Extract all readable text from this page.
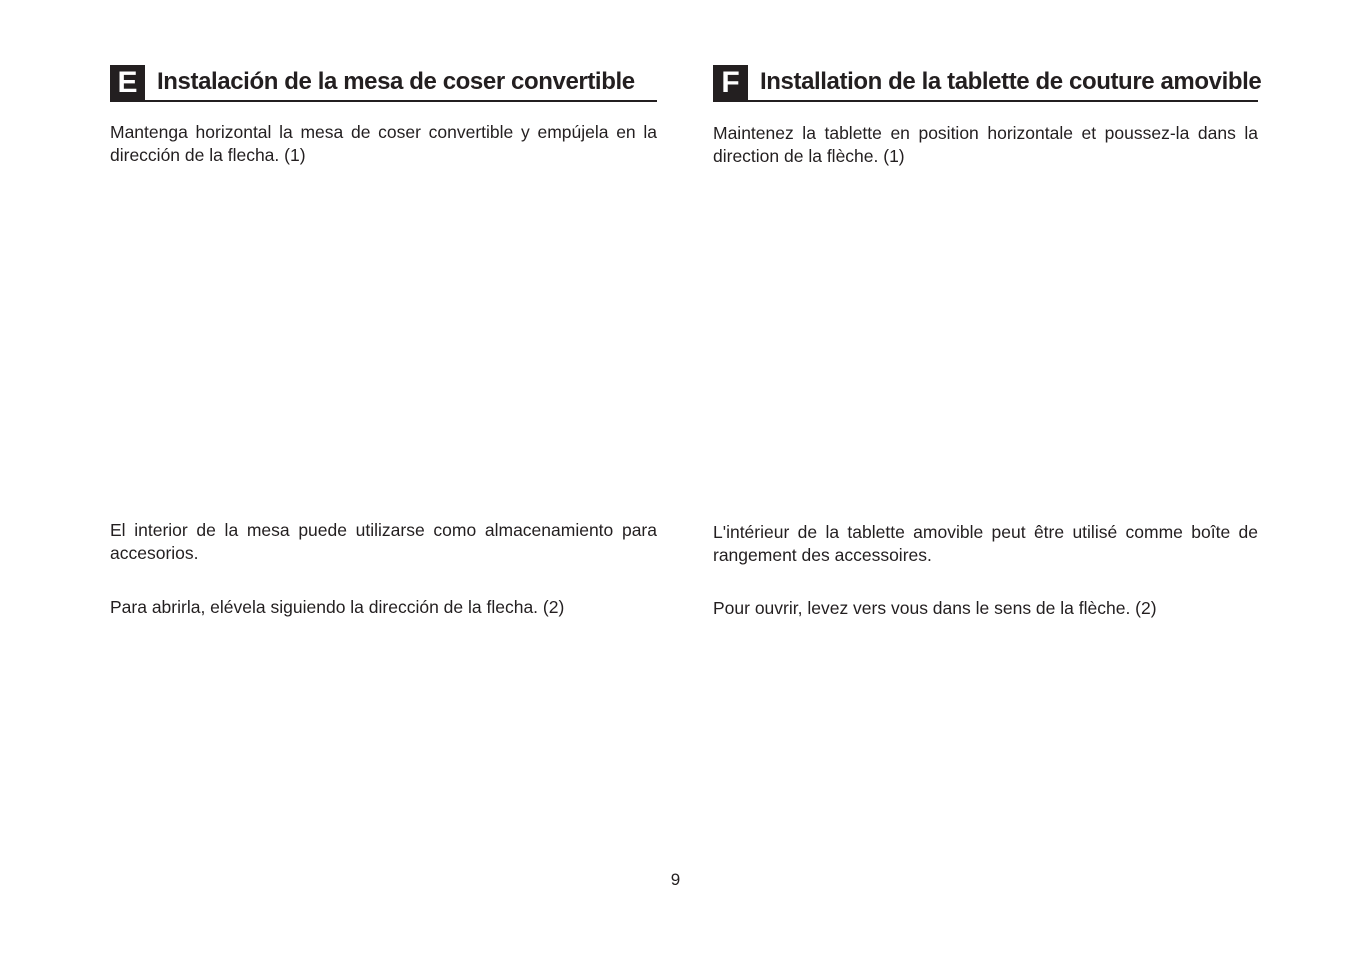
E Instalación de la mesa de coser convertible

Mantenga horizontal la mesa de coser convertible y empújela en la dirección de la flecha. (1)

El interior de la mesa puede utilizarse como almacenamiento para accesorios.

Para abrirla, elévela siguiendo la dirección de la flecha. (2)

F Installation de la tablette de couture amovible

Maintenez la tablette en position horizontale et poussez-la dans la direction de la flèche. (1)

L'intérieur de la tablette amovible peut être utilisé comme boîte de rangement des accessoires.

Pour ouvrir, levez vers vous dans le sens de la flèche. (2)

9
